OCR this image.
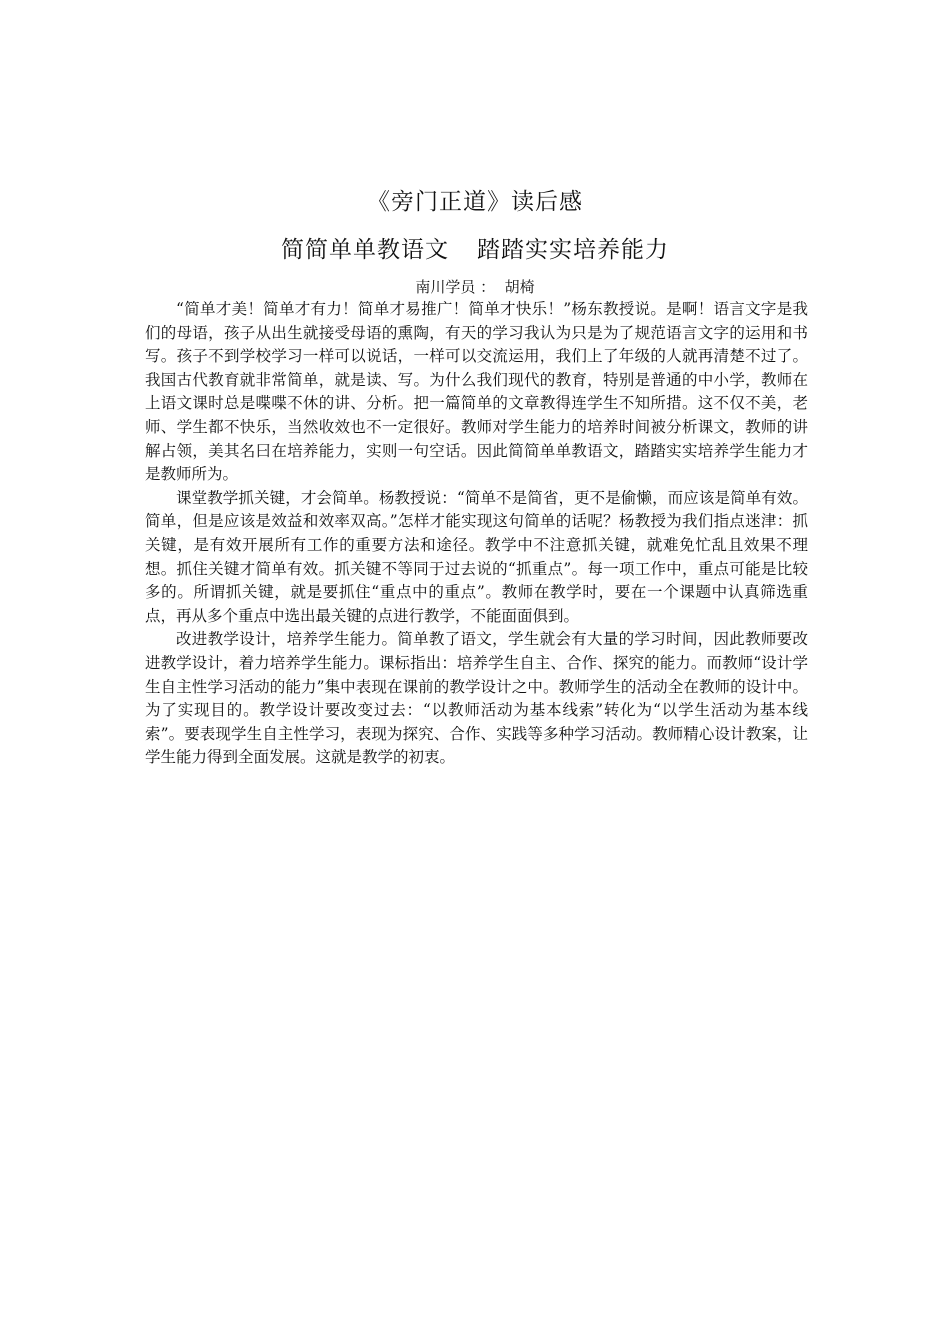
《旁门正道》读后感
简简单单教语文 踏踏实实培养能力
南川学员 ：  胡椅

“简单才美！简单才有力！简单才易推广！简单才快乐！”杨东教授说。是啊！语言文字是我们的母语，孩子从出生就接受母语的熏陶，有天的学习我认为只是为了规范语言文字的运用和书写。孩子不到学校学习一样可以说话，一样可以交流运用，我们上了年级的人就再清楚不过了。我国古代教育就非常简单，就是读、写。为什么我们现代的教育，特别是普通的中小学，教师在上语文课时总是喋喋不休的讲、分析。把一篇简单的文章教得连学生不知所措。这不仅不美，老师、学生都不快乐，当然收效也不一定很好。教师对学生能力的培养时间被分析课文，教师的讲解占领，美其名曰在培养能力，实则一句空话。因此简简单单教语文，踏踏实实培养学生能力才是教师所为。

课堂教学抓关键，才会简单。杨教授说：“简单不是简省，更不是偷懒，而应该是简单有效。简单，但是应该是效益和效率双高。”怎样才能实现这句简单的话呢？杨教授为我们指点迷津：抓关键，是有效开展所有工作的重要方法和途径。教学中不注意抓关键，就难免忙乱且效果不理想。抓住关键才简单有效。抓关键不等同于过去说的“抓重点”。每一项工作中，重点可能是比较多的。所谓抓关键，就是要抓住“重点中的重点”。教师在教学时，要在一个课题中认真筛选重点，再从多个重点中选出最关键的点进行教学，不能面面俱到。

改进教学设计，培养学生能力。简单教了语文，学生就会有大量的学习时间，因此教师要改进教学设计，着力培养学生能力。课标指出：培养学生自主、合作、探究的能力。而教师“设计学生自主性学习活动的能力”集中表现在课前的教学设计之中。教师学生的活动全在教师的设计中。为了实现目的。教学设计要改变过去：“以教师活动为基本线索”转化为“以学生活动为基本线索”。要表现学生自主性学习，表现为探究、合作、实践等多种学习活动。教师精心设计教案，让学生能力得到全面发展。这就是教学的初衷。
